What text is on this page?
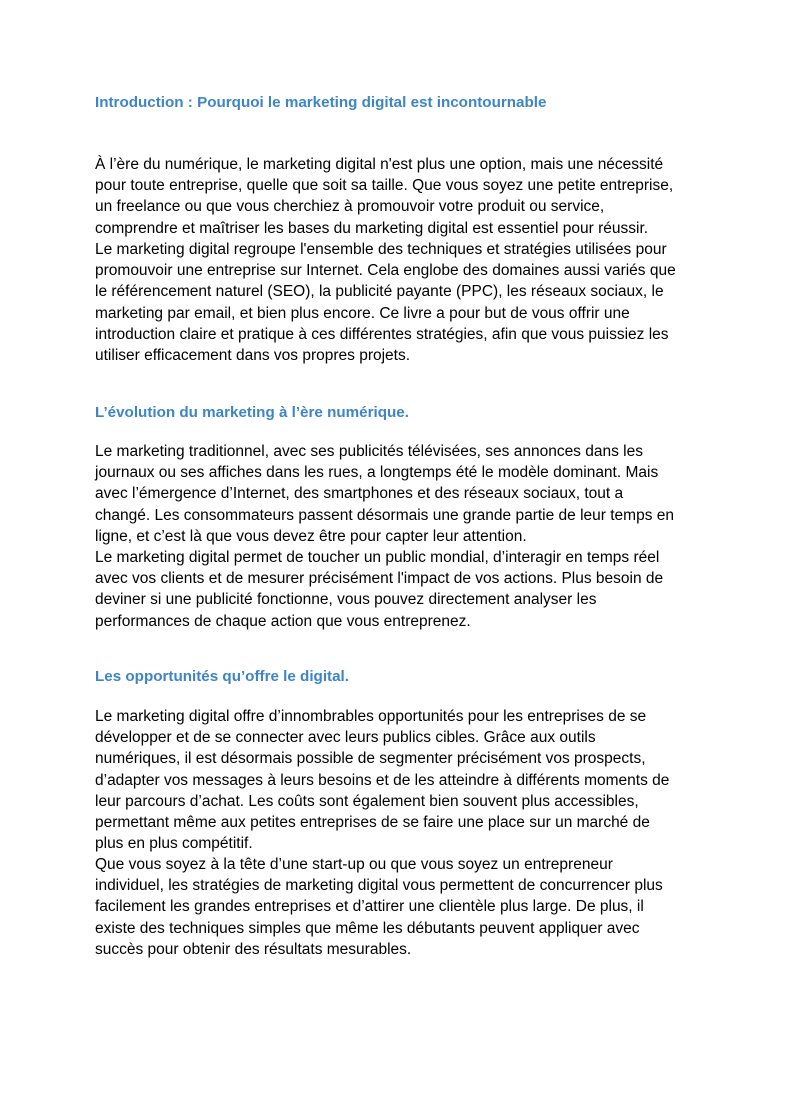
Introduction : Pourquoi le marketing digital est incontournable

À l’ère du numérique, le marketing digital n'est plus une option, mais une nécessité
pour toute entreprise, quelle que soit sa taille. Que vous soyez une petite entreprise,
un freelance ou que vous cherchiez à promouvoir votre produit ou service,
comprendre et maîtriser les bases du marketing digital est essentiel pour réussir.

Le marketing digital regroupe l'ensemble des techniques et stratégies utilisées pour
promouvoir une entreprise sur Internet. Cela englobe des domaines aussi variés que
le référencement naturel (SEO), la publicité payante (PPC), les réseaux sociaux, le
marketing par email, et bien plus encore. Ce livre a pour but de vous offrir une
introduction claire et pratique à ces différentes stratégies, afin que vous puissiez les
utiliser efficacement dans vos propres projets.

L’évolution du marketing à l’ère numérique.

Le marketing traditionnel, avec ses publicités télévisées, ses annonces dans les
journaux ou ses affiches dans les rues, a longtemps été le modèle dominant. Mais
avec l’émergence d’Internet, des smartphones et des réseaux sociaux, tout a
changé. Les consommateurs passent désormais une grande partie de leur temps en
ligne, et c’est là que vous devez être pour capter leur attention.

Le marketing digital permet de toucher un public mondial, d’interagir en temps réel
avec vos clients et de mesurer précisément l'impact de vos actions. Plus besoin de
deviner si une publicité fonctionne, vous pouvez directement analyser les
performances de chaque action que vous entreprenez.

Les opportunités qu’offre le digital.

Le marketing digital offre d’innombrables opportunités pour les entreprises de se
développer et de se connecter avec leurs publics cibles. Grâce aux outils
numériques, il est désormais possible de segmenter précisément vos prospects,
d’adapter vos messages à leurs besoins et de les atteindre à différents moments de
leur parcours d’achat. Les coûts sont également bien souvent plus accessibles,
permettant même aux petites entreprises de se faire une place sur un marché de
plus en plus compétitif.

Que vous soyez à la tête d’une start-up ou que vous soyez un entrepreneur
individuel, les stratégies de marketing digital vous permettent de concurrencer plus
facilement les grandes entreprises et d’attirer une clientèle plus large. De plus, il
existe des techniques simples que même les débutants peuvent appliquer avec
succès pour obtenir des résultats mesurables.
